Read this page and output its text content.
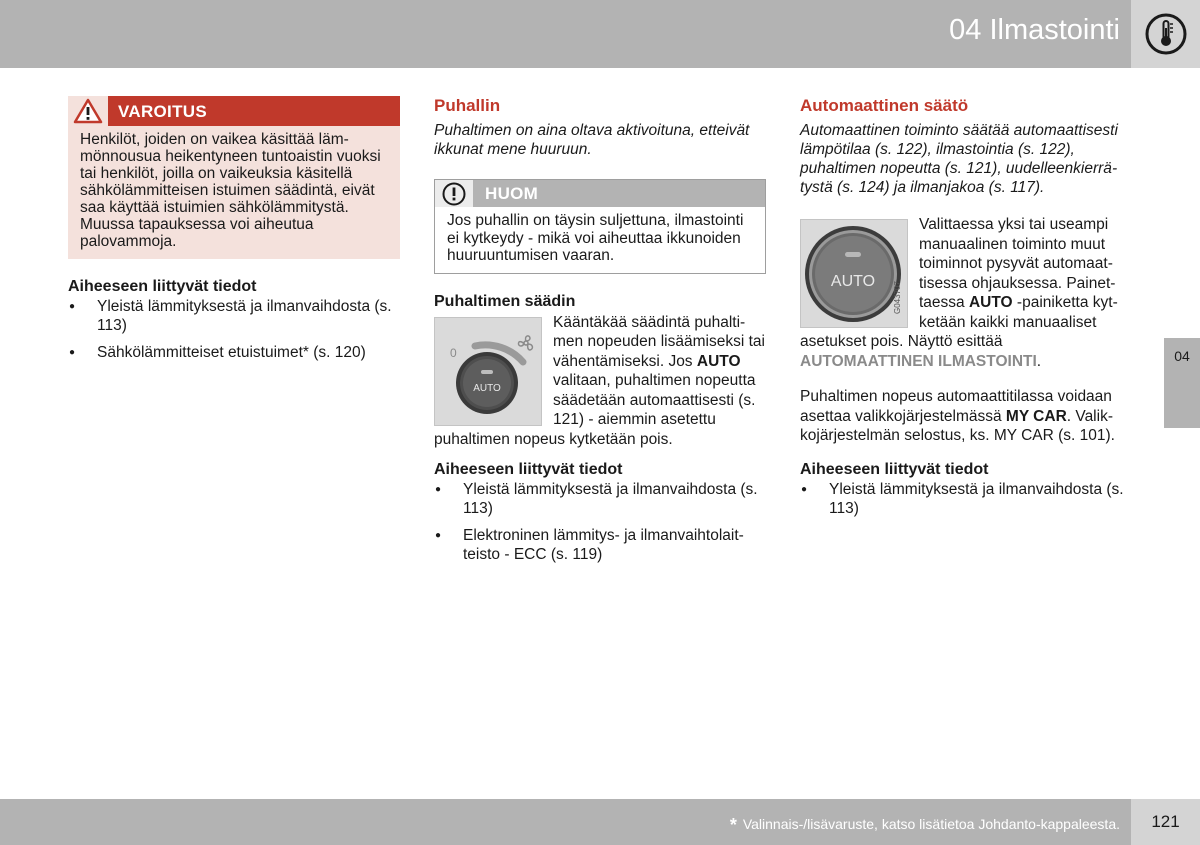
04 Ilmastointi
04
VAROITUS
Henkilöt, joiden on vaikea käsittää lämmönnousua heikentyneen tuntoaistin vuoksi tai henkilöt, joilla on vaikeuksia käsitellä sähkölämmitteisen istuimen säädintä, eivät saa käyttää istuimien sähkölämmitystä. Muussa tapauksessa voi aiheutua palovammoja.
Aiheeseen liittyvät tiedot
● Yleistä lämmityksestä ja ilmanvaihdosta (s. 113)
● Sähkölämmitteiset etuistuimet* (s. 120)
Puhallin
Puhaltimen on aina oltava aktivoituna, etteivät ikkunat mene huuruun.
HUOM
Jos puhallin on täysin suljettuna, ilmastointi ei kytkeydy - mikä voi aiheuttaa ikkunoiden huuruuntumisen vaaran.
Puhaltimen säädin
0
AUTO
Kääntäkää säädintä puhaltimen nopeuden lisäämiseksi tai vähentämiseksi. Jos AUTO valitaan, puhaltimen nopeutta säädetään automaattisesti (s. 121) - aiemmin asetettu puhaltimen nopeus kytketään pois.
Aiheeseen liittyvät tiedot
● Yleistä lämmityksestä ja ilmanvaihdosta (s. 113)
● Elektroninen lämmitys- ja ilmanvaihtolaitteisto - ECC (s. 119)
Automaattinen säätö
Automaattinen toiminto säätää automaattisesti lämpötilaa (s. 122), ilmastointia (s. 122), puhaltimen nopeutta (s. 121), uudelleenkierrätystä (s. 124) ja ilmanjakoa (s. 117).
AUTO G043707
Valittaessa yksi tai useampi manuaalinen toiminto muut toiminnot pysyvät automaattisessa ohjauksessa. Painettaessa AUTO -painiketta kytketään kaikki manuaaliset asetukset pois. Näyttö esittää AUTOMAATTINEN ILMASTOINTI.
Puhaltimen nopeus automaattitilassa voidaan asettaa valikkojärjestelmässä MY CAR. Valikkojärjestelmän selostus, ks. MY CAR (s. 101).
Aiheeseen liittyvät tiedot
● Yleistä lämmityksestä ja ilmanvaihdosta (s. 113)
* Valinnais-/lisävaruste, katso lisätietoa Johdanto-kappaleesta.	121
